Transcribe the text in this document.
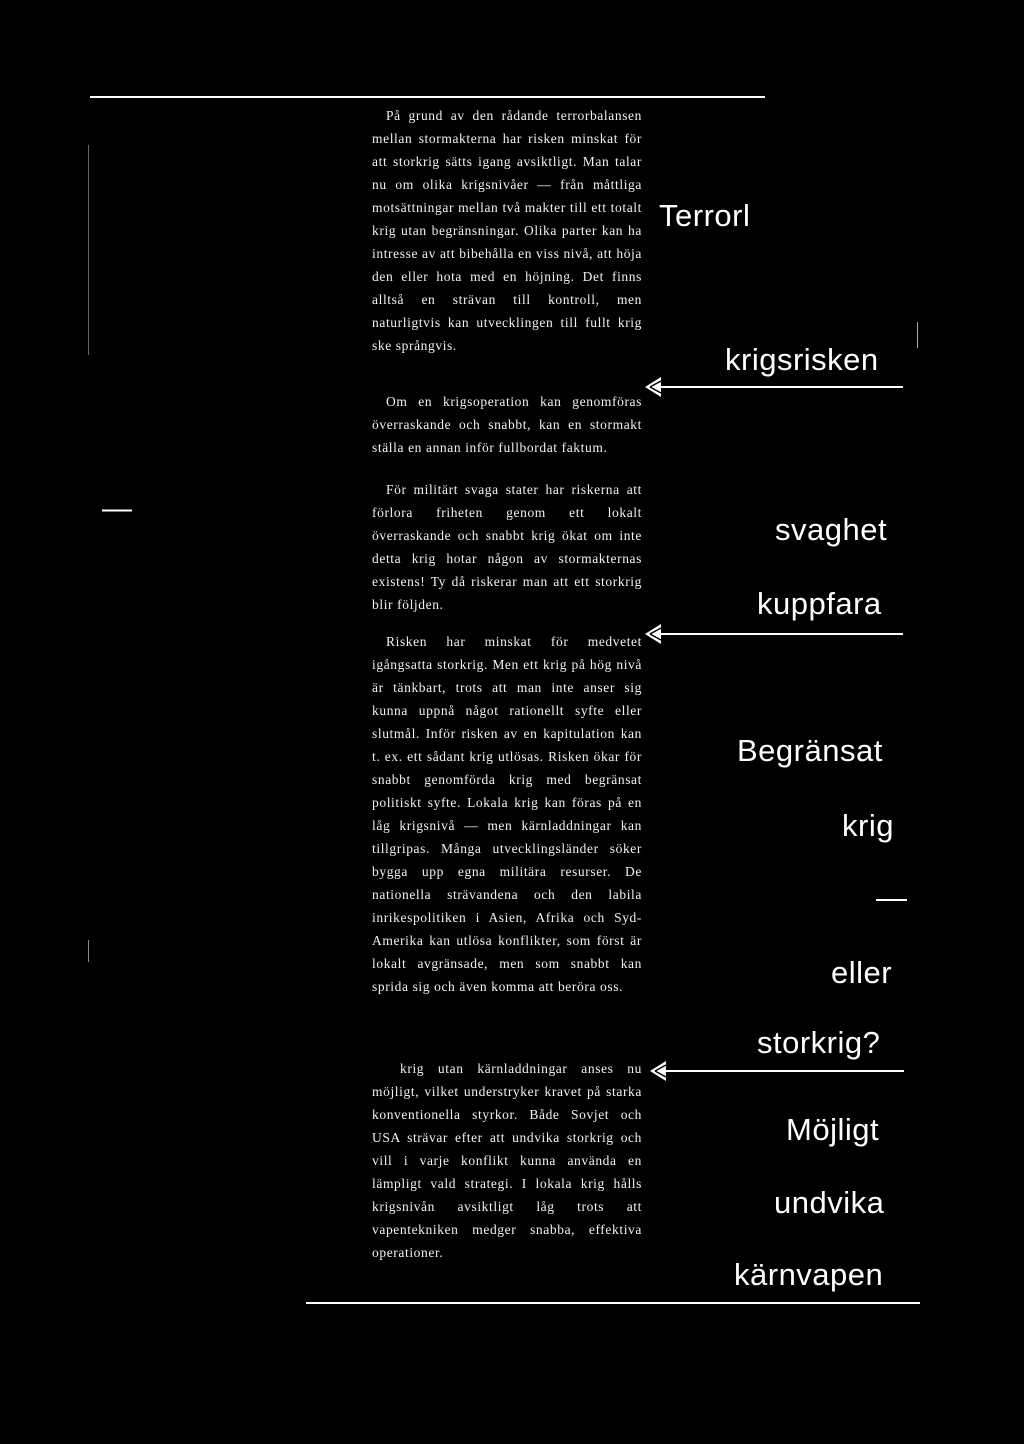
—

På grund av den rådande terrorbalansen mellan stormakterna har risken minskat för att storkrig sätts igang avsiktligt. Man talar nu om olika krigsnivåer — från måttliga motsättningar mellan två makter till ett totalt krig utan begränsningar. Olika parter kan ha intresse av att bibehålla en viss nivå, att höja den eller hota med en höjning. Det finns alltså en strävan till kontroll, men naturligtvis kan utvecklingen till fullt krig ske språngvis.

Om en krigsoperation kan genomföras överraskande och snabbt, kan en stormakt ställa en annan inför fullbordat faktum.

För militärt svaga stater har riskerna att förlora friheten genom ett lokalt överraskande och snabbt krig ökat om inte detta krig hotar någon av stormakternas existens! Ty då riskerar man att ett storkrig blir följden.

Risken har minskat för medvetet igångsatta storkrig. Men ett krig på hög nivå är tänkbart, trots att man inte anser sig kunna uppnå något rationellt syfte eller slutmål. Inför risken av en kapitulation kan t. ex. ett sådant krig utlösas. Risken ökar för snabbt genomförda krig med begränsat politiskt syfte. Lokala krig kan föras på en låg krigsnivå — men kärnladdningar kan tillgripas. Många utvecklingsländer söker bygga upp egna militära resurser. De nationella strävandena och den labila inrikespolitiken i Asien, Afrika och Syd-Amerika kan utlösa konflikter, som först är lokalt avgränsade, men som snabbt kan sprida sig och även komma att beröra oss.

krig utan kärnladdningar anses nu möjligt, vilket understryker kravet på starka konventionella styrkor. Både Sovjet och USA strävar efter att undvika storkrig och vill i varje konflikt kunna använda en lämpligt vald strategi. I lokala krig hålls krigsnivån avsiktligt låg trots att vapentekniken medger snabba, effektiva operationer.

Terrorl
krigsrisken
svaghet
kuppfara
Begränsat
krig
—
eller
storkrig?
Möjligt
undvika
kärnvapen
